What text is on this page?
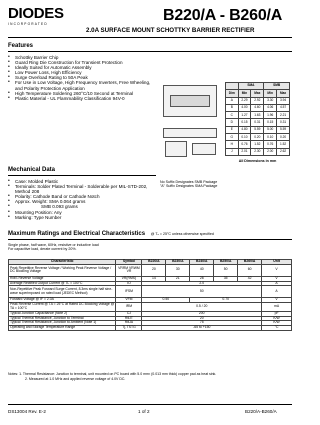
DIODES
INCORPORATED	B220/A - B260/A
2.0A SURFACE MOUNT SCHOTTKY BARRIER RECTIFIER
Features
• Schottky Barrier Chip
• Guard Ring Die Construction for Transient Protection
• Ideally Suited for Automatic Assembly
• Low Power Loss, High Efficiency
• Surge Overload Rating to 50A Peak
• For Use in Low Voltage, High Frequency Inverters, Free Wheeling, and Polarity Protection Application
• High Temperature Soldering 260°C/10 Second at Terminal
• Plastic Material - UL Flammability Classification 94V-0
	SMA		SMB	
Dim	Min	Max	Min	Max
A	2.29	2.92	3.30	3.94
B	4.00	4.60	4.06	4.57
C	1.27	1.63	1.96	2.21
D	0.15	0.31	0.15	0.31
E	4.80	5.59	5.00	5.59
G	0.10	0.20	0.10	0.20
H	0.76	1.52	0.76	1.52
J	2.01	2.30	2.00	2.62
All Dimensions in mm
Mechanical Data
• Case: Molded Plastic
• Terminals: Solder Plated Terminal - Solderable per MIL-STD-202, Method 208
• Polarity: Cathode Band or Cathode Notch
• Approx. Weight: SMA 0.064 grams
• SMB 0.093 grams
• Mounting Position: Any
• Marking: Type Number
No Suffix Designates SMB Package
"A" Suffix Designates SMA Package
Maximum Ratings and Electrical Characteristics @ Tₐ = 25°C unless otherwise specified
Single phase, half wave, 60Hz, resistive or inductive load
For capacitive load, derate current by 20%.
Characteristic	Symbol	B220/A	B230/A	B240/A	B250/A	B260/A	Unit
Peak Repetitive Reverse Voltage / Working Peak Reverse Voltage / DC Blocking Voltage	VRRM VRWM VR	20	30	40	50	60	V
RMS Reverse Voltage	VR(RMS)	14	21	28	35	42	V
Average Rectified Output Current @ TL = 100°C	IO	2.0					A
Non-Repetitive Peak Forward Surge Current, 8.3ms single half sine-wave superimposed on rated load (JEDEC Method)	IFSM	50					A
Forward Voltage @ IF = 2.0A	VFM	0.50		0.70			V
Peak Reverse Current @ TA = 25°C at Rated DC Blocking Voltage @ TA = 100°C	IRM	0.5 / 20					mA
Typical Junction Capacitance (Note 2)	CJ	200					pF
Typical Thermal Resistance, Junction to Terminal	RθJT	20					K/W
Typical Thermal Resistance, Junction to Ambient (Note 1)	RθJA	75					K/W
Operating and Storage Temperature Range	Tj, TSTG	-65 to +150					°C
Notes: 1. Thermal Resistance: Junction to terminal, unit mounted on PC board with 5.0 mm² (0.013 mm thick) copper pad as heat sink.
2. Measured at 1.0 MHz and applied reverse voltage of 4.0V DC.
DS13004 Rev. E-2	1 of 2	B220/A-B260/A
